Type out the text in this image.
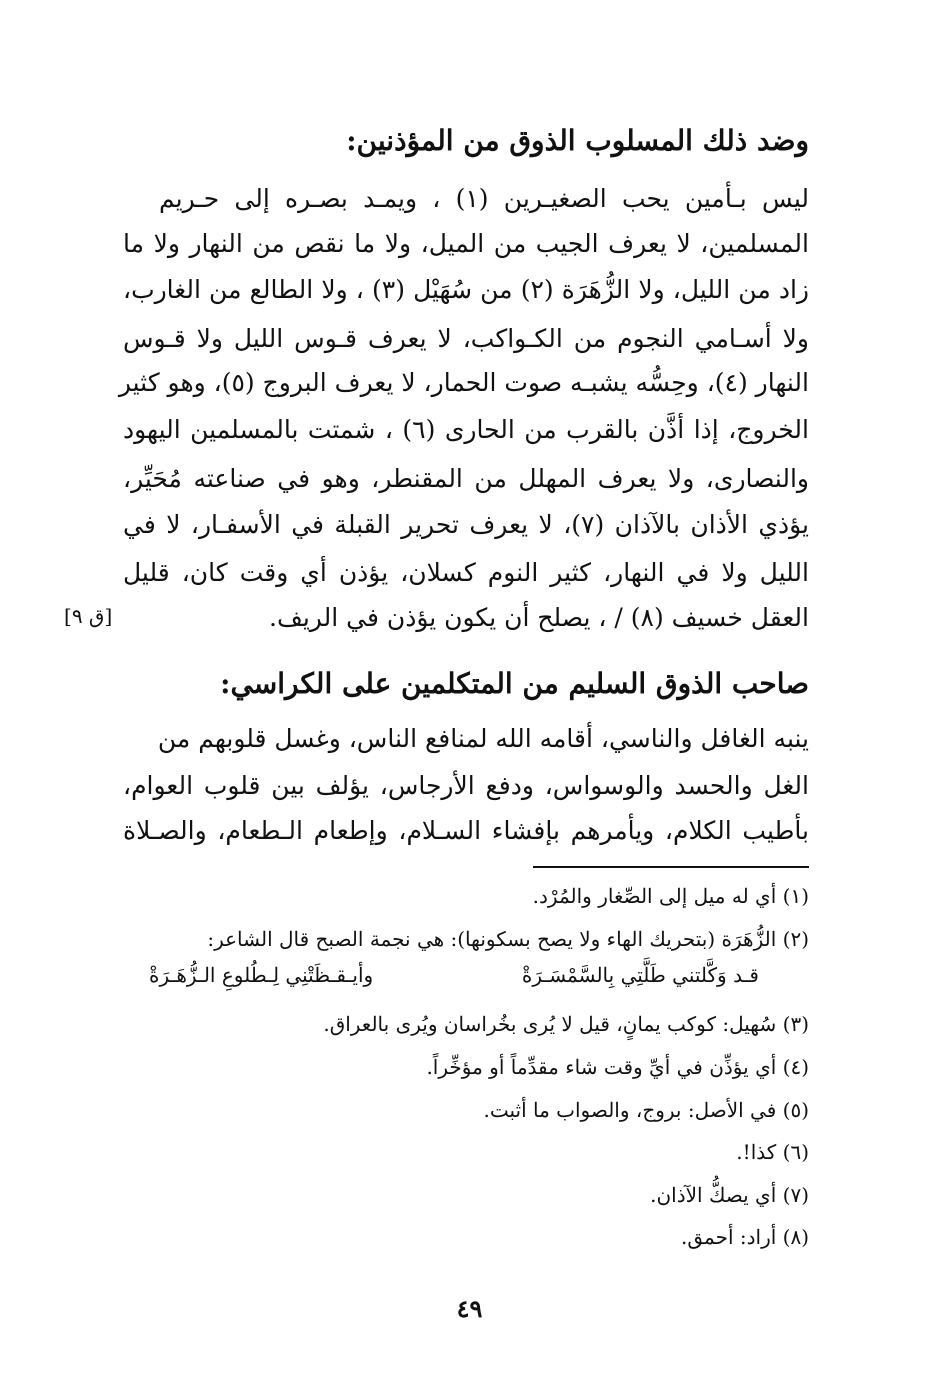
وضد ذلك المسلوب الذوق من المؤذنين:
ليس بـأمين يحب الصغيـرين (١) ، ويمـد بصـره إلى حـريم
المسلمين، لا يعرف الجيب من الميل، ولا ما نقص من النهار ولا ما
زاد من الليل، ولا الزُّهَرَة (٢) من سُهَيْل (٣) ، ولا الطالع من الغارب،
ولا أسـامي النجوم من الكـواكب، لا يعرف قـوس الليل ولا قـوس
النهار (٤)، وحِسُّه يشبـه صوت الحمار، لا يعرف البروج (٥)، وهو كثير
الخروج، إذا أذَّن بالقرب من الحارى (٦) ، شمتت بالمسلمين اليهود
والنصارى، ولا يعرف المهلل من المقنطر، وهو في صناعته مُحَيِّر،
يؤذي الأذان بالآذان (٧)، لا يعرف تحرير القبلة في الأسفـار، لا في
الليل ولا في النهار، كثير النوم كسلان، يؤذن أي وقت كان، قليل
العقل خسيف (٨) / ، يصلح أن يكون يؤذن في الريف.
[ق ٩]
صاحب الذوق السليم من المتكلمين على الكراسي:
ينبه الغافل والناسي، أقامه الله لمنافع الناس، وغسل قلوبهم من
الغل والحسد والوسواس، ودفع الأرجاس، يؤلف بين قلوب العوام،
بأطيب الكلام، ويأمرهم بإفشاء السـلام، وإطعام الـطعام، والصـلاة
(١) أي له ميل إلى الصِّغار والمُرْد.
(٢) الزُّهَرَة (بتحريك الهاء ولا يصح بسكونها): هي نجمة الصبح قال الشاعر:
قـد وَكَّلتني طَلَّتِي بِالسَّمْسَـرَةْ
وأيـقـظَتْنِي لِـطُلوعِ الـزُّهَـرَةْ
(٣) سُهيل: كوكب يمانٍ، قيل لا يُرى بخُراسان ويُرى بالعراق.
(٤) أي يؤذِّن في أيِّ وقت شاء مقدِّماً أو مؤخِّراً.
(٥) في الأصل: بروج، والصواب ما أثبت.
(٦) كذا!.
(٧) أي يصكُّ الآذان.
(٨) أراد: أحمق.
٤٩
